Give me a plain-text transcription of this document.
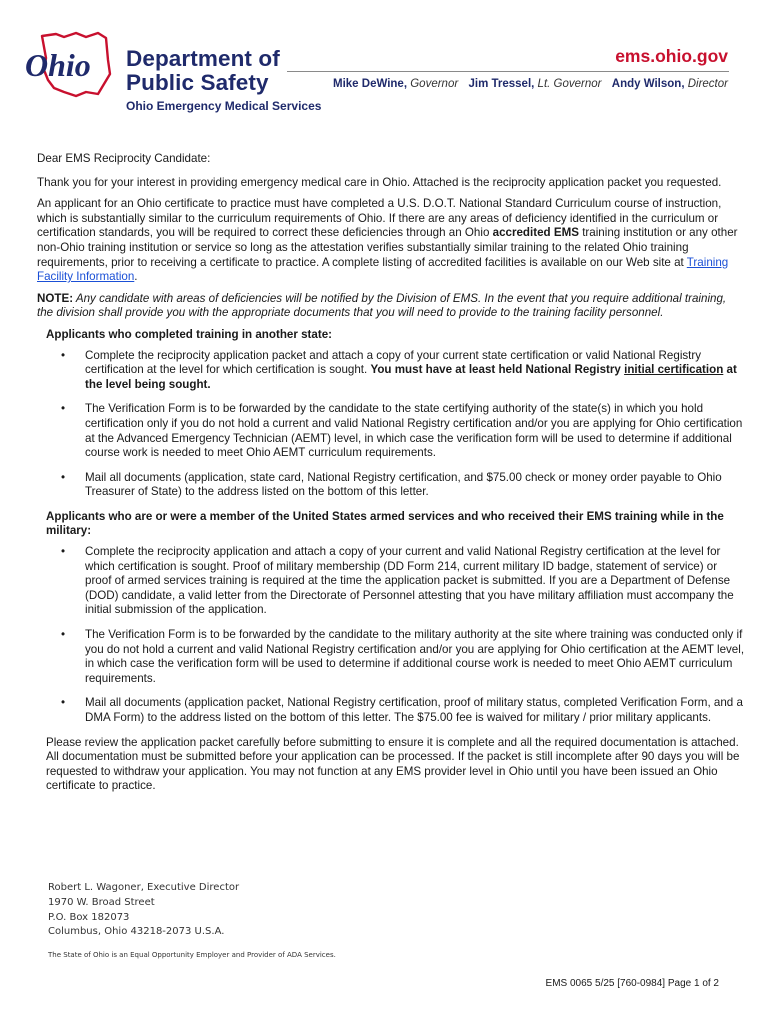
Ohio Department of
Public Safety
ems.ohio.gov
Mike DeWine, Governor Jim Tressel, Lt. Governor Andy Wilson, Director
Ohio Emergency Medical Services

Dear EMS Reciprocity Candidate:

Thank you for your interest in providing emergency medical care in Ohio. Attached is the reciprocity application packet you requested.

An applicant for an Ohio certificate to practice must have completed a U.S. D.O.T. National Standard Curriculum course of instruction, which is substantially similar to the curriculum requirements of Ohio. If there are any areas of deficiency identified in the curriculum or certification standards, you will be required to correct these deficiencies through an Ohio accredited EMS training institution or any other non-Ohio training institution or service so long as the attestation verifies substantially similar training to the related Ohio training requirements, prior to receiving a certificate to practice. A complete listing of accredited facilities is available on our Web site at Training Facility Information.

NOTE: Any candidate with areas of deficiencies will be notified by the Division of EMS. In the event that you require additional training, the division shall provide you with the appropriate documents that you will need to provide to the training facility personnel.

Applicants who completed training in another state:

• Complete the reciprocity application packet and attach a copy of your current state certification or valid National Registry certification at the level for which certification is sought. You must have at least held National Registry initial certification at the level being sought.
• The Verification Form is to be forwarded by the candidate to the state certifying authority of the state(s) in which you hold certification only if you do not hold a current and valid National Registry certification and/or you are applying for Ohio certification at the Advanced Emergency Technician (AEMT) level, in which case the verification form will be used to determine if additional course work is needed to meet Ohio AEMT curriculum requirements.
• Mail all documents (application, state card, National Registry certification, and $75.00 check or money order payable to Ohio Treasurer of State) to the address listed on the bottom of this letter.

Applicants who are or were a member of the United States armed services and who received their EMS training while in the military:

• Complete the reciprocity application and attach a copy of your current and valid National Registry certification at the level for which certification is sought. Proof of military membership (DD Form 214, current military ID badge, statement of service) or proof of armed services training is required at the time the application packet is submitted. If you are a Department of Defense (DOD) candidate, a valid letter from the Directorate of Personnel attesting that you have military affiliation must accompany the initial submission of the application.
• The Verification Form is to be forwarded by the candidate to the military authority at the site where training was conducted only if you do not hold a current and valid National Registry certification and/or you are applying for Ohio certification at the AEMT level, in which case the verification form will be used to determine if additional course work is needed to meet Ohio AEMT curriculum requirements.
• Mail all documents (application packet, National Registry certification, proof of military status, completed Verification Form, and a DMA Form) to the address listed on the bottom of this letter. The $75.00 fee is waived for military / prior military applicants.

Please review the application packet carefully before submitting to ensure it is complete and all the required documentation is attached. All documentation must be submitted before your application can be processed. If the packet is still incomplete after 90 days you will be requested to withdraw your application. You may not function at any EMS provider level in Ohio until you have been issued an Ohio certificate to practice.

Robert L. Wagoner, Executive Director
1970 W. Broad Street
P.O. Box 182073
Columbus, Ohio 43218-2073 U.S.A.
The State of Ohio is an Equal Opportunity Employer and Provider of ADA Services.
EMS 0065 5/25 [760-0984] Page 1 of 2
